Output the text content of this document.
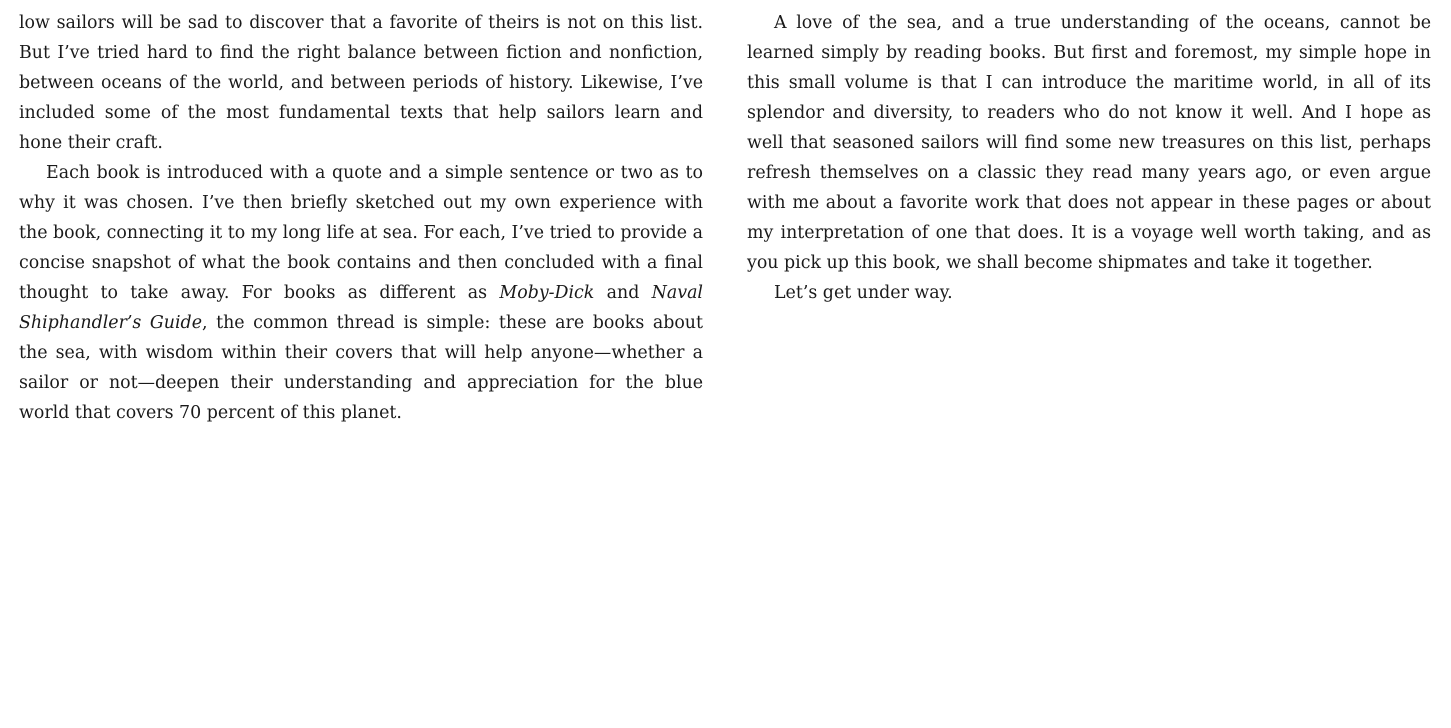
low sailors will be sad to discover that a favorite of theirs is not on this list. But I’ve tried hard to find the right balance between fiction and nonfiction, between oceans of the world, and between periods of history. Likewise, I’ve included some of the most fundamental texts that help sailors learn and hone their craft.

Each book is introduced with a quote and a simple sentence or two as to why it was chosen. I’ve then briefly sketched out my own experience with the book, connecting it to my long life at sea. For each, I’ve tried to provide a concise snapshot of what the book contains and then concluded with a final thought to take away. For books as different as Moby-Dick and Naval Shiphandler’s Guide, the common thread is simple: these are books about the sea, with wisdom within their covers that will help anyone—whether a sailor or not—deepen their understanding and appreciation for the blue world that covers 70 percent of this planet.

A love of the sea, and a true understanding of the oceans, cannot be learned simply by reading books. But first and foremost, my simple hope in this small volume is that I can introduce the maritime world, in all of its splendor and diversity, to readers who do not know it well. And I hope as well that seasoned sailors will find some new treasures on this list, perhaps refresh themselves on a classic they read many years ago, or even argue with me about a favorite work that does not appear in these pages or about my interpretation of one that does. It is a voyage well worth taking, and as you pick up this book, we shall become shipmates and take it together.

Let’s get under way.
